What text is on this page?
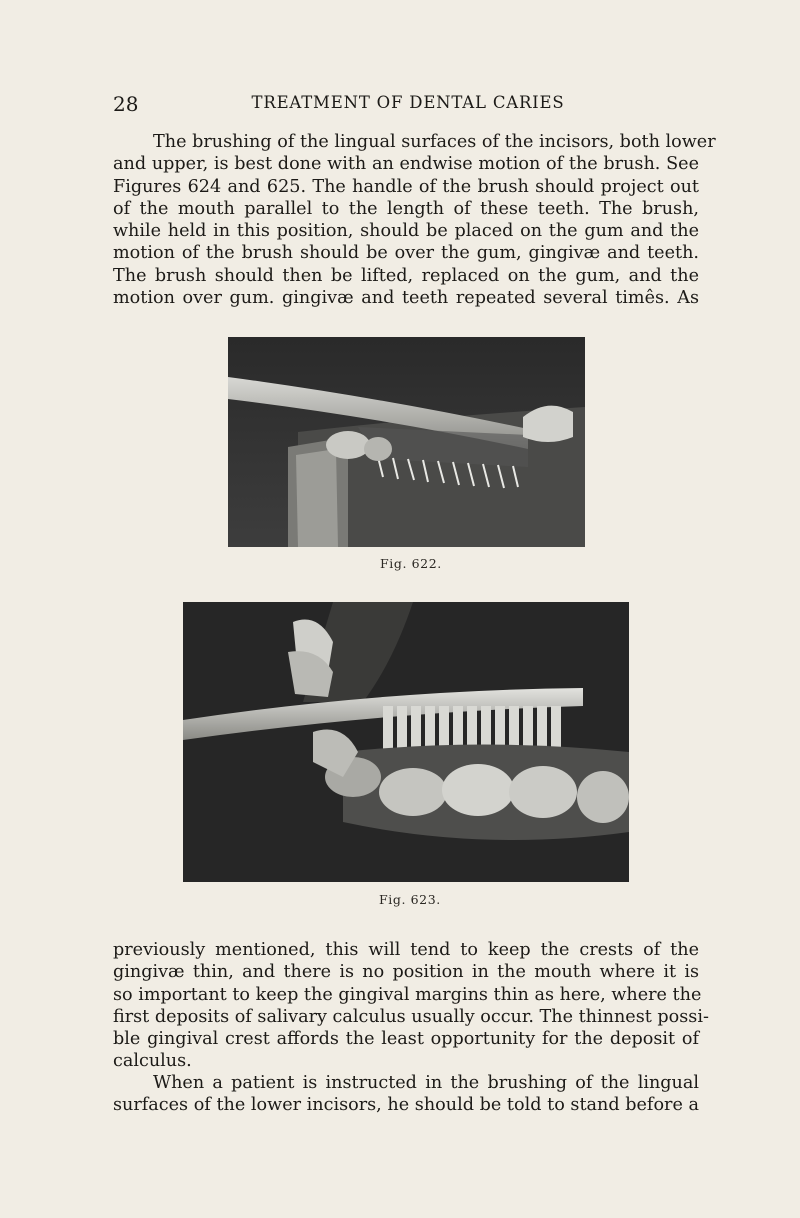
28	TREATMENT OF DENTAL CARIES

The brushing of the lingual surfaces of the incisors, both lower
and upper, is best done with an endwise motion of the brush. See
Figures 624 and 625. The handle of the brush should project out
of the mouth parallel to the length of these teeth. The brush,
while held in this position, should be placed on the gum and the
motion of the brush should be over the gum, gingivæ and teeth.
The brush should then be lifted, replaced on the gum, and the
motion over gum. gingivæ and teeth repeated several timês. As

Fig. 622.
Fig. 623.

previously mentioned, this will tend to keep the crests of the
gingivæ thin, and there is no position in the mouth where it is
so important to keep the gingival margins thin as here, where the
first deposits of salivary calculus usually occur. The thinnest possi-
ble gingival crest affords the least opportunity for the deposit of
calculus.

When a patient is instructed in the brushing of the lingual
surfaces of the lower incisors, he should be told to stand before a
